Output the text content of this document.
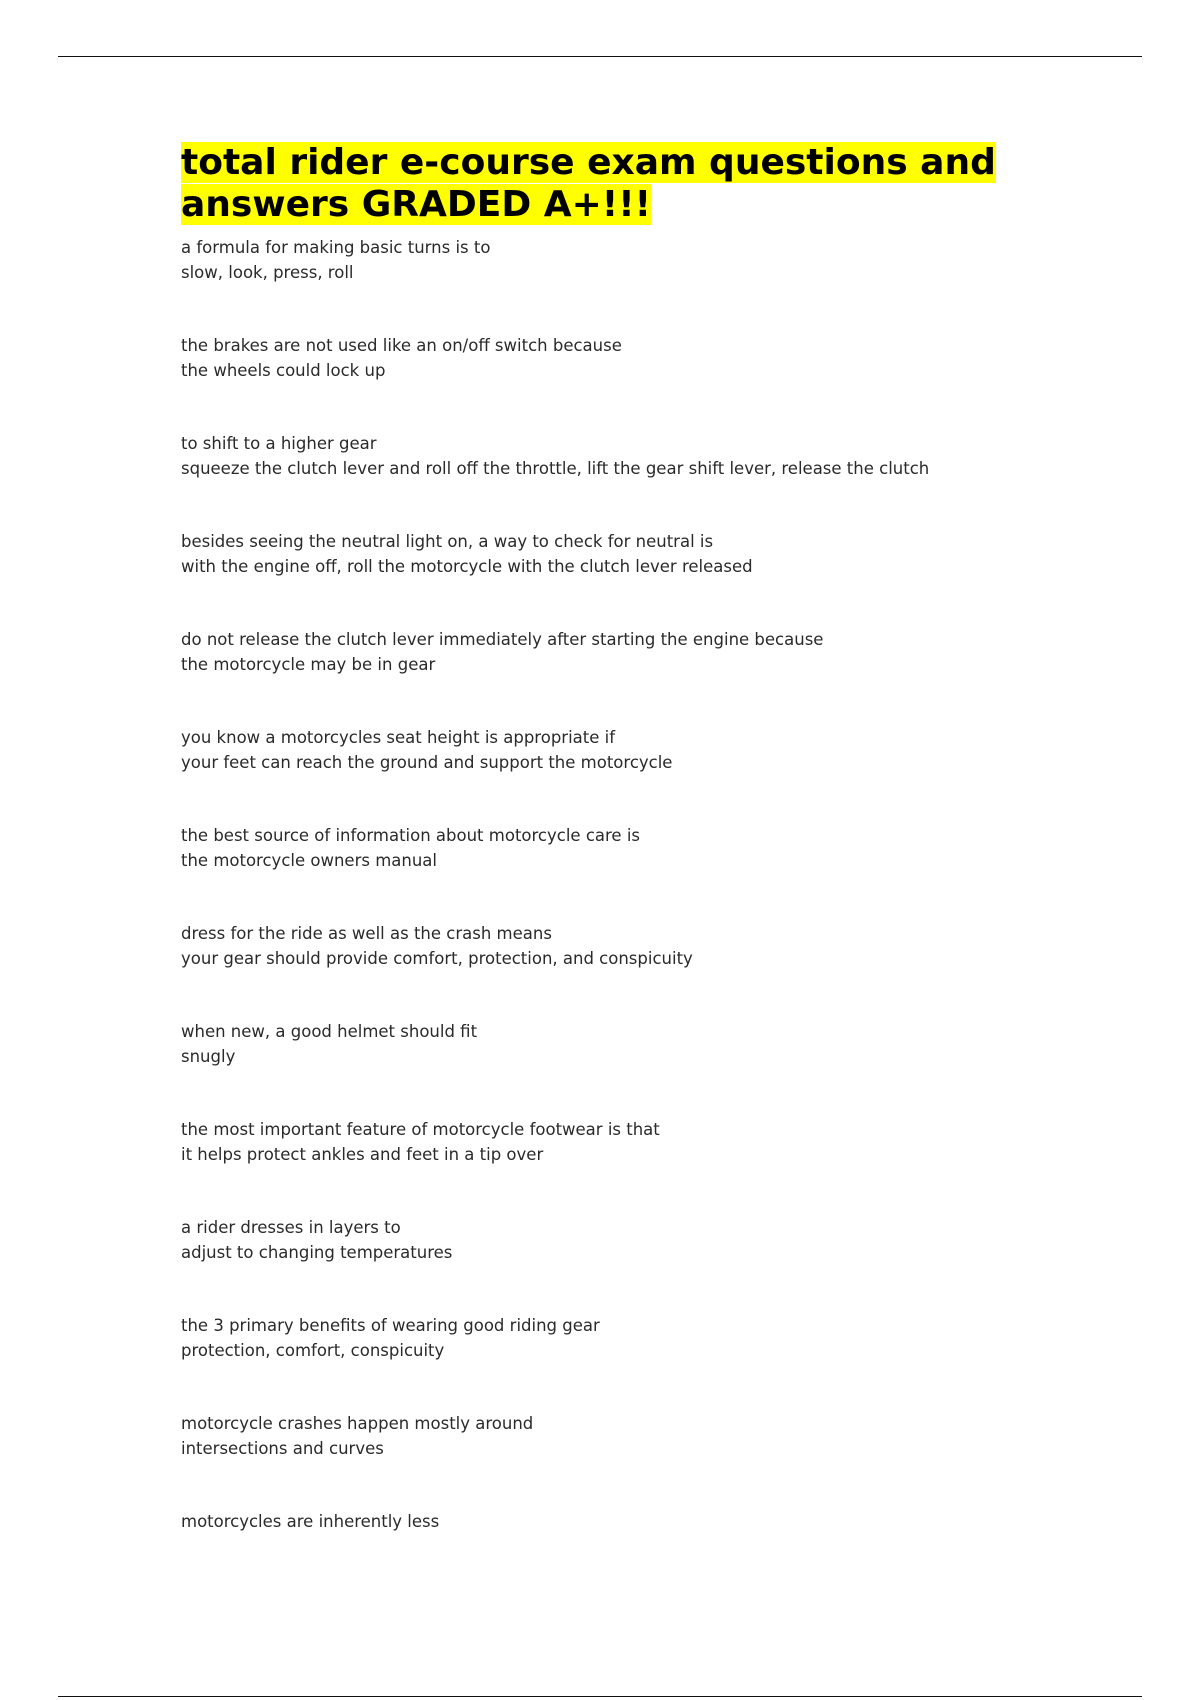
total rider e-course exam questions and
answers GRADED A+!!!
a formula for making basic turns is to
slow, look, press, roll
the brakes are not used like an on/off switch because
the wheels could lock up
to shift to a higher gear
squeeze the clutch lever and roll off the throttle, lift the gear shift lever, release the clutch
besides seeing the neutral light on, a way to check for neutral is
with the engine off, roll the motorcycle with the clutch lever released
do not release the clutch lever immediately after starting the engine because
the motorcycle may be in gear
you know a motorcycles seat height is appropriate if
your feet can reach the ground and support the motorcycle
the best source of information about motorcycle care is
the motorcycle owners manual
dress for the ride as well as the crash means
your gear should provide comfort, protection, and conspicuity
when new, a good helmet should fit
snugly
the most important feature of motorcycle footwear is that
it helps protect ankles and feet in a tip over
a rider dresses in layers to
adjust to changing temperatures
the 3 primary benefits of wearing good riding gear
protection, comfort, conspicuity
motorcycle crashes happen mostly around
intersections and curves
motorcycles are inherently less
